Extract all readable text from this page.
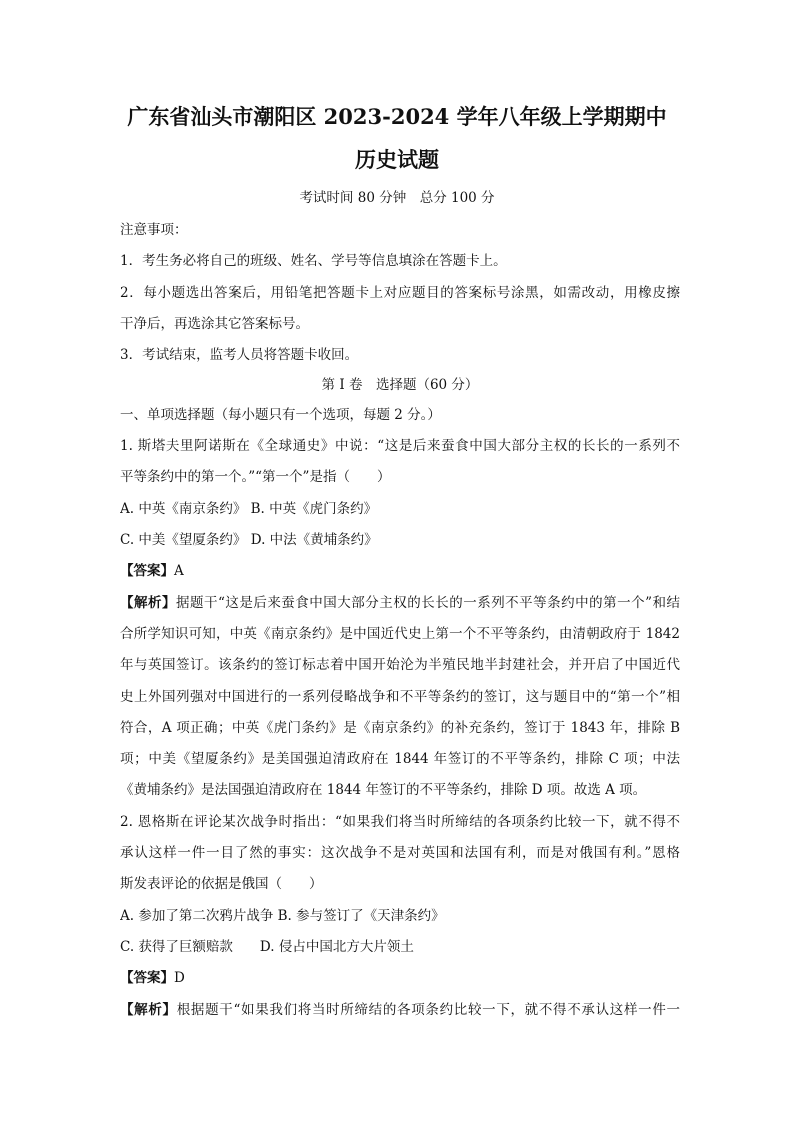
广东省汕头市潮阳区 2023-2024 学年八年级上学期期中
历史试题
考试时间 80 分钟　总分 100 分
注意事项：
1．考生务必将自己的班级、姓名、学号等信息填涂在答题卡上。
2．每小题选出答案后，用铅笔把答题卡上对应题目的答案标号涂黑，如需改动，用橡皮擦
干净后，再选涂其它答案标号。
3．考试结束，监考人员将答题卡收回。
第 I 卷　选择题（60 分）
一、单项选择题（每小题只有一个选项，每题 2 分。）
1. 斯塔夫里阿诺斯在《全球通史》中说：“这是后来蚕食中国大部分主权的长长的一系列不
平等条约中的第一个。”“第一个”是指（　　）
A. 中英《南京条约》 B. 中英《虎门条约》
C. 中美《望厦条约》 D. 中法《黄埔条约》
【答案】A
【解析】据题干“这是后来蚕食中国大部分主权的长长的一系列不平等条约中的第一个”和结
合所学知识可知，中英《南京条约》是中国近代史上第一个不平等条约，由清朝政府于 1842
年与英国签订。该条约的签订标志着中国开始沦为半殖民地半封建社会，并开启了中国近代
史上外国列强对中国进行的一系列侵略战争和不平等条约的签订，这与题目中的“第一个”相
符合，A 项正确；中英《虎门条约》是《南京条约》的补充条约，签订于 1843 年，排除 B
项；中美《望厦条约》是美国强迫清政府在 1844 年签订的不平等条约，排除 C 项；中法
《黄埔条约》是法国强迫清政府在 1844 年签订的不平等条约，排除 D 项。故选 A 项。
2. 恩格斯在评论某次战争时指出：“如果我们将当时所缔结的各项条约比较一下，就不得不
承认这样一件一目了然的事实：这次战争不是对英国和法国有利，而是对俄国有利。”恩格
斯发表评论的依据是俄国（　　）
A. 参加了第二次鸦片战争 B. 参与签订了《天津条约》
C. 获得了巨额赔款　　D. 侵占中国北方大片领土
【答案】D
【解析】根据题干“如果我们将当时所缔结的各项条约比较一下，就不得不承认这样一件一
